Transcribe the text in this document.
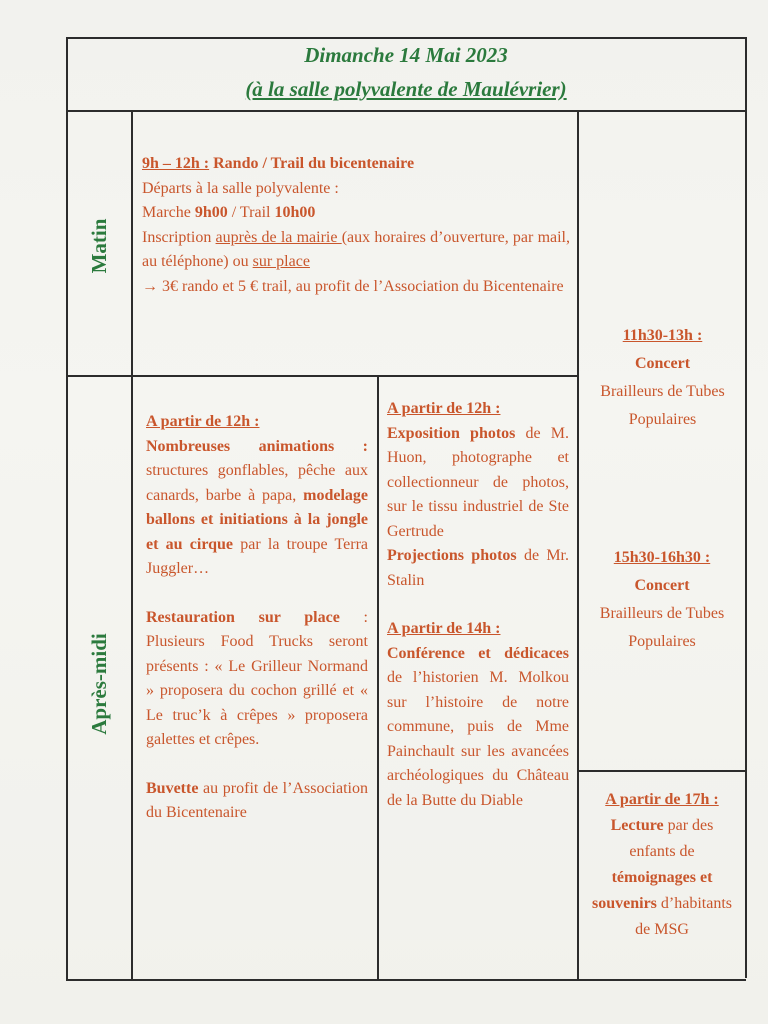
Dimanche 14 Mai 2023
(à la salle polyvalente de Maulévrier)
Matin
Après-midi
9h – 12h : Rando / Trail du bicentenaire
Départs à la salle polyvalente :
Marche 9h00 / Trail 10h00
Inscription auprès de la mairie (aux horaires d’ouverture, par mail, au téléphone) ou sur place
→ 3€ rando et 5 € trail, au profit de l’Association du Bicentenaire
A partir de 12h :
Nombreuses animations : structures gonflables, pêche aux canards, barbe à papa, modelage ballons et initiations à la jongle et au cirque par la troupe Terra Juggler…
Restauration sur place : Plusieurs Food Trucks seront présents : « Le Grilleur Normand » proposera du cochon grillé et « Le truc’k à crêpes » proposera galettes et crêpes.
Buvette au profit de l’Association du Bicentenaire
A partir de 12h :
Exposition photos de M. Huon, photographe et collectionneur de photos, sur le tissu industriel de Ste Gertrude
Projections photos de Mr. Stalin
A partir de 14h :
Conférence et dédicaces de l’historien M. Molkou sur l’histoire de notre commune, puis de Mme Painchault sur les avancées archéologiques du Château de la Butte du Diable
11h30-13h :
Concert
Brailleurs de Tubes Populaires
15h30-16h30 :
Concert
Brailleurs de Tubes Populaires
A partir de 17h :
Lecture par des enfants de témoignages et souvenirs d’habitants de MSG
